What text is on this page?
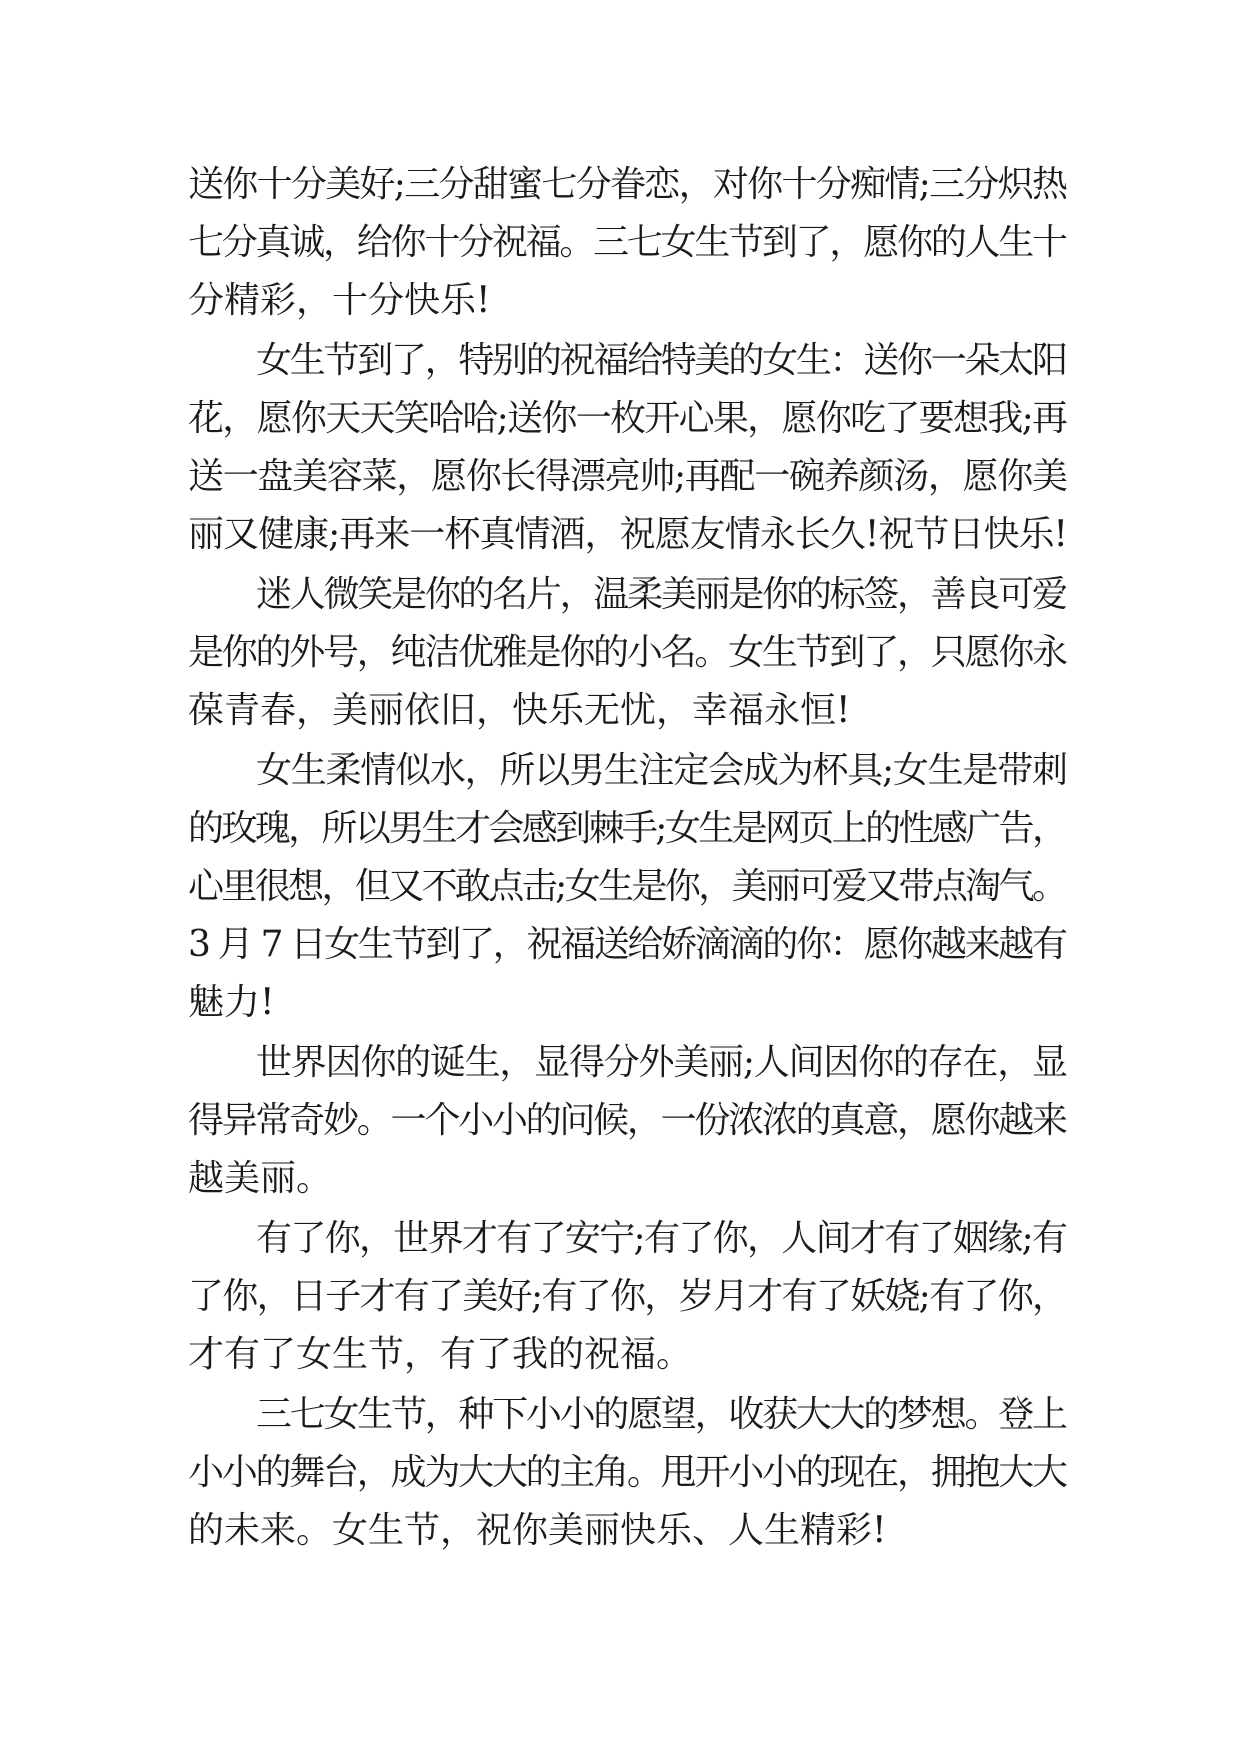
送你十分美好;三分甜蜜七分眷恋，对你十分痴情;三分炽热
七分真诚，给你十分祝福。三七女生节到了，愿你的人生十
分精彩，十分快乐!
女生节到了，特别的祝福给特美的女生：送你一朵太阳
花，愿你天天笑哈哈;送你一枚开心果，愿你吃了要想我;再
送一盘美容菜，愿你长得漂亮帅;再配一碗养颜汤，愿你美
丽又健康;再来一杯真情酒，祝愿友情永长久!祝节日快乐!
迷人微笑是你的名片，温柔美丽是你的标签，善良可爱
是你的外号，纯洁优雅是你的小名。女生节到了，只愿你永
葆青春，美丽依旧，快乐无忧，幸福永恒!
女生柔情似水，所以男生注定会成为杯具;女生是带刺
的玫瑰，所以男生才会感到棘手;女生是网页上的性感广告，
心里很想，但又不敢点击;女生是你，美丽可爱又带点淘气。
3 月 7 日女生节到了，祝福送给娇滴滴的你：愿你越来越有
魅力!
世界因你的诞生，显得分外美丽;人间因你的存在，显
得异常奇妙。一个小小的问候，一份浓浓的真意，愿你越来
越美丽。
有了你，世界才有了安宁;有了你，人间才有了姻缘;有
了你，日子才有了美好;有了你，岁月才有了妖娆;有了你，
才有了女生节，有了我的祝福。
三七女生节，种下小小的愿望，收获大大的梦想。登上
小小的舞台，成为大大的主角。甩开小小的现在，拥抱大大
的未来。女生节，祝你美丽快乐、人生精彩!
